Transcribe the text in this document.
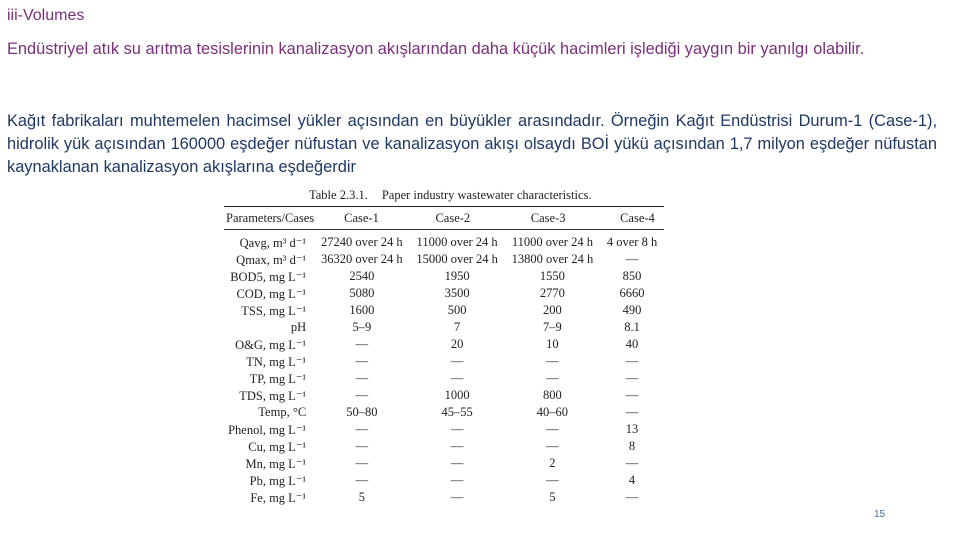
iii-Volumes
Endüstriyel atık su arıtma tesislerinin kanalizasyon akışlarından daha küçük hacimleri işlediği yaygın bir yanılgı olabilir.
Kağıt fabrikaları muhtemelen hacimsel yükler açısından en büyükler arasındadır. Örneğin Kağıt Endüstrisi Durum-1 (Case-1), hidrolik yük açısından 160000 eşdeğer nüfustan ve kanalizasyon akışı olsaydı BOİ yükü açısından 1,7 milyon eşdeğer nüfustan kaynaklanan kanalizasyon akışlarına eşdeğerdir
Table 2.3.1. Paper industry wastewater characteristics.
Parameters/Cases	Case-1	Case-2	Case-3	Case-4

Qavg, m³ d⁻¹	27240 over 24 h	11000 over 24 h	11000 over 24 h	4 over 8 h
Qmax, m³ d⁻¹	36320 over 24 h	15000 over 24 h	13800 over 24 h	—
BOD5, mg L⁻¹	2540	1950	1550	850
COD, mg L⁻¹	5080	3500	2770	6660
TSS, mg L⁻¹	1600	500	200	490
pH	5–9	7	7–9	8.1
O&G, mg L⁻¹	—	20	10	40
TN, mg L⁻¹	—	—	—	—
TP, mg L⁻¹	—	—	—	—
TDS, mg L⁻¹	—	1000	800	—
Temp, °C	50–80	45–55	40–60	—
Phenol, mg L⁻¹	—	—	—	13
Cu, mg L⁻¹	—	—	—	8
Mn, mg L⁻¹	—	—	2	—
Pb, mg L⁻¹	—	—	—	4
Fe, mg L⁻¹	5	—	5	—
15
